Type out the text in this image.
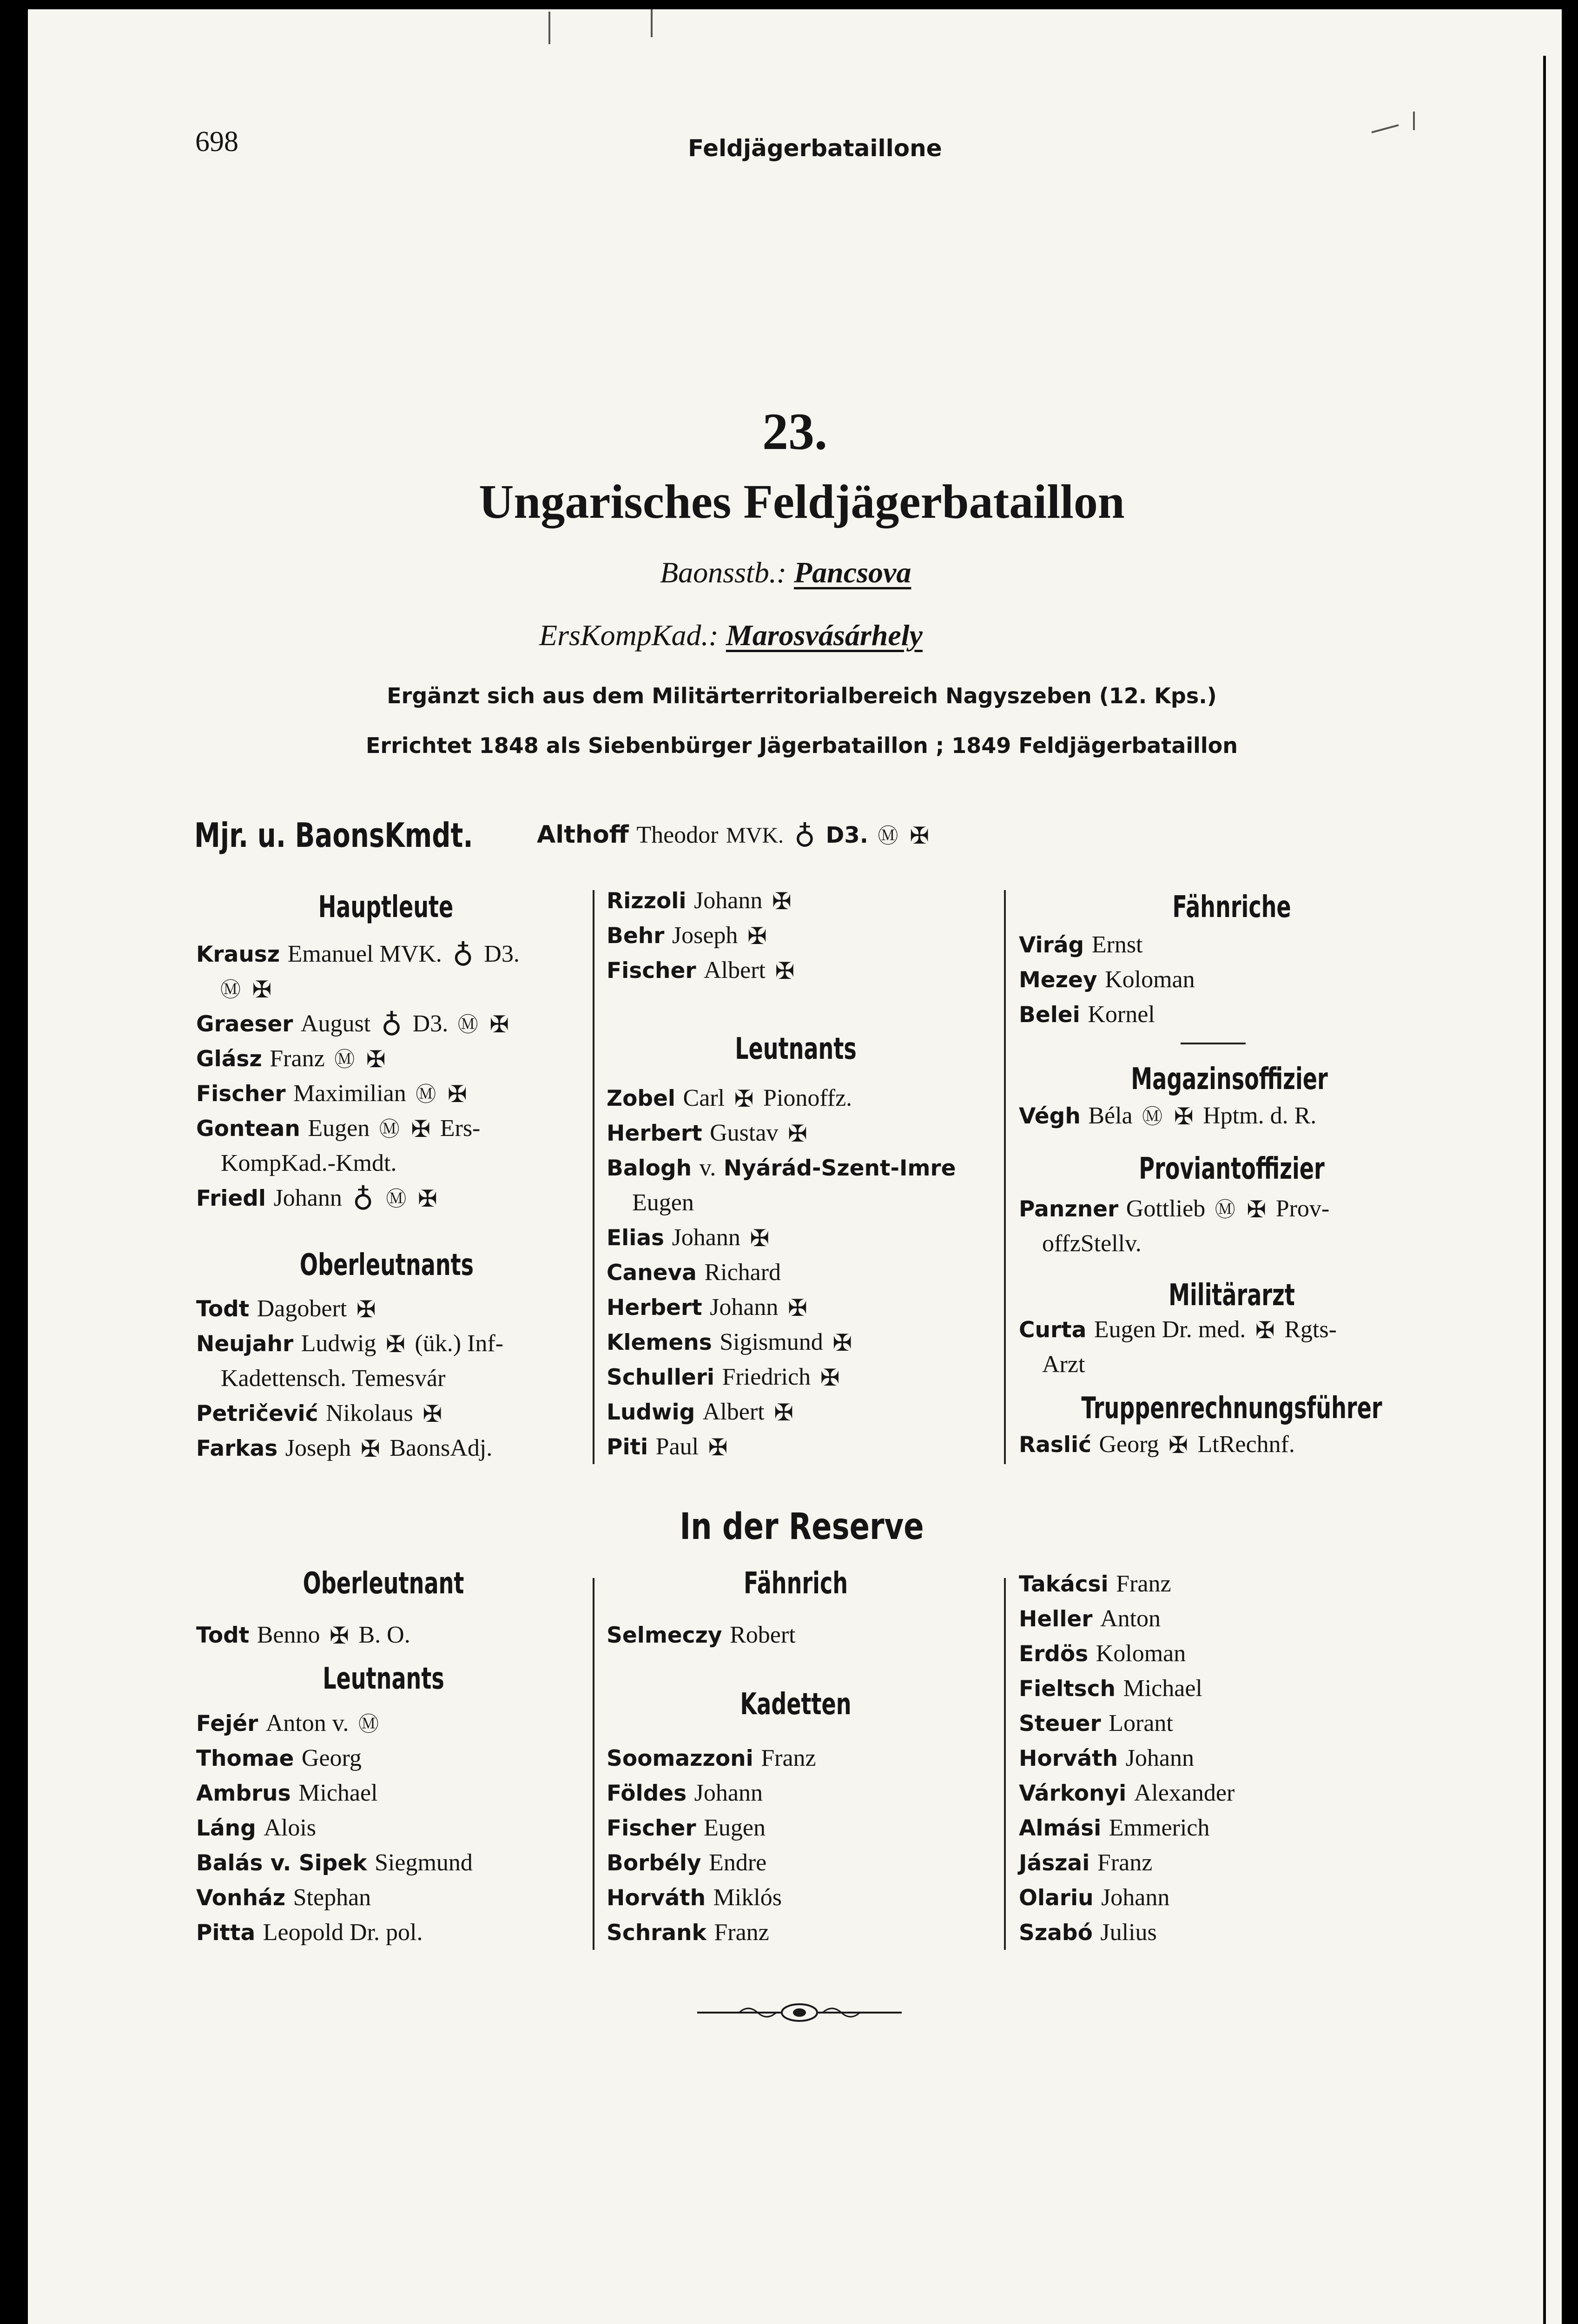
698	Feldjägerbataillone
23.
Ungarisches Feldjägerbataillon
Baonsstb.: Pancsova
ErsKompKad.: Marosvásárhely
Ergänzt sich aus dem Militärterritorialbereich Nagyszeben (12. Kps.)
Errichtet 1848 als Siebenbürger Jägerbataillon ; 1849 Feldjägerbataillon
Mjr. u. BaonsKmdt.	Althoff Theodor MVK. ♁ D3. Ⓜ ✠
Hauptleute
Krausz Emanuel MVK. ♁ D3.
Ⓜ ✠
Graeser August ♁ D3. Ⓜ ✠
Glász Franz Ⓜ ✠
Fischer Maximilian Ⓜ ✠
Gontean Eugen Ⓜ ✠ Ers-
KompKad.-Kmdt.
Friedl Johann ♁ Ⓜ ✠
Oberleutnants
Todt Dagobert ✠
Neujahr Ludwig ✠ (ük.) Inf-
Kadettensch. Temesvár
Petričević Nikolaus ✠
Farkas Joseph ✠ BaonsAdj.
Rizzoli Johann ✠
Behr Joseph ✠
Fischer Albert ✠
Leutnants
Zobel Carl ✠ Pionoffz.
Herbert Gustav ✠
Balogh v. Nyárád-Szent-Imre
Eugen
Elias Johann ✠
Caneva Richard
Herbert Johann ✠
Klemens Sigismund ✠
Schulleri Friedrich ✠
Ludwig Albert ✠
Piti Paul ✠
Fähnriche
Virág Ernst
Mezey Koloman
Belei Kornel
Magazinsoffizier
Végh Béla Ⓜ ✠ Hptm. d. R.
Proviantoffizier
Panzner Gottlieb Ⓜ ✠ Prov-
offzStellv.
Militärarzt
Curta Eugen Dr. med. ✠ Rgts-
Arzt
Truppenrechnungsführer
Raslić Georg ✠ LtRechnf.
In der Reserve
Oberleutnant
Todt Benno ✠ B. O.
Leutnants
Fejér Anton v. Ⓜ
Thomae Georg
Ambrus Michael
Láng Alois
Balás v. Sipek Siegmund
Vonház Stephan
Pitta Leopold Dr. pol.
Fähnrich
Selmeczy Robert
Kadetten
Soomazzoni Franz
Földes Johann
Fischer Eugen
Borbély Endre
Horváth Miklós
Schrank Franz
Takácsi Franz
Heller Anton
Erdös Koloman
Fieltsch Michael
Steuer Lorant
Horváth Johann
Várkonyi Alexander
Almási Emmerich
Jászai Franz
Olariu Johann
Szabó Julius
